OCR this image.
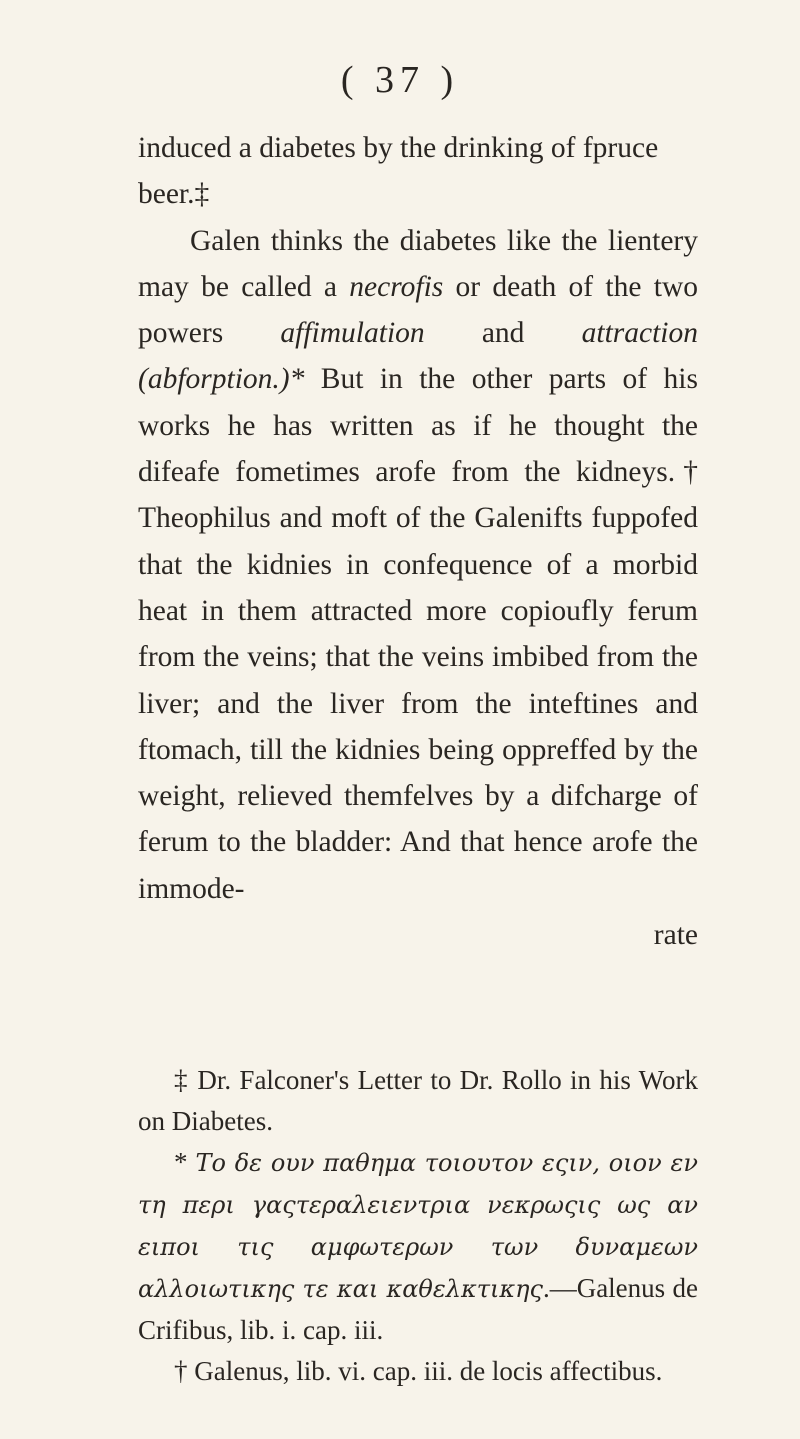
( 37 )

induced a diabetes by the drinking of fpruce
beer.‡

Galen thinks the diabetes like the lientery may be called a necrofis or death of the two powers affimulation and attraction (abforption.)* But in the other parts of his works he has written as if he thought the difeafe fometimes arofe from the kidneys.† Theophilus and moft of the Galenifts fuppofed that the kidnies in confequence of a morbid heat in them attracted more copioufly ferum from the veins; that the veins imbibed from the liver; and the liver from the inteftines and ftomach, till the kidnies being oppreffed by the weight, relieved themfelves by a difcharge of ferum to the bladder: And that hence arofe the immode-

rate

‡ Dr. Falconer's Letter to Dr. Rollo in his Work on Diabetes.

* Το δε ουν παθημα τοιουτον εςιν, οιον εν τη περι γαςτεραλειεντρια νεκρωςις ως αν ειποι τις αμφωτερων των δυναμεων αλλοιωτικης τε και καθελκτικης.—Galenus de Crifibus, lib. i. cap. iii.

† Galenus, lib. vi. cap. iii. de locis affectibus.
